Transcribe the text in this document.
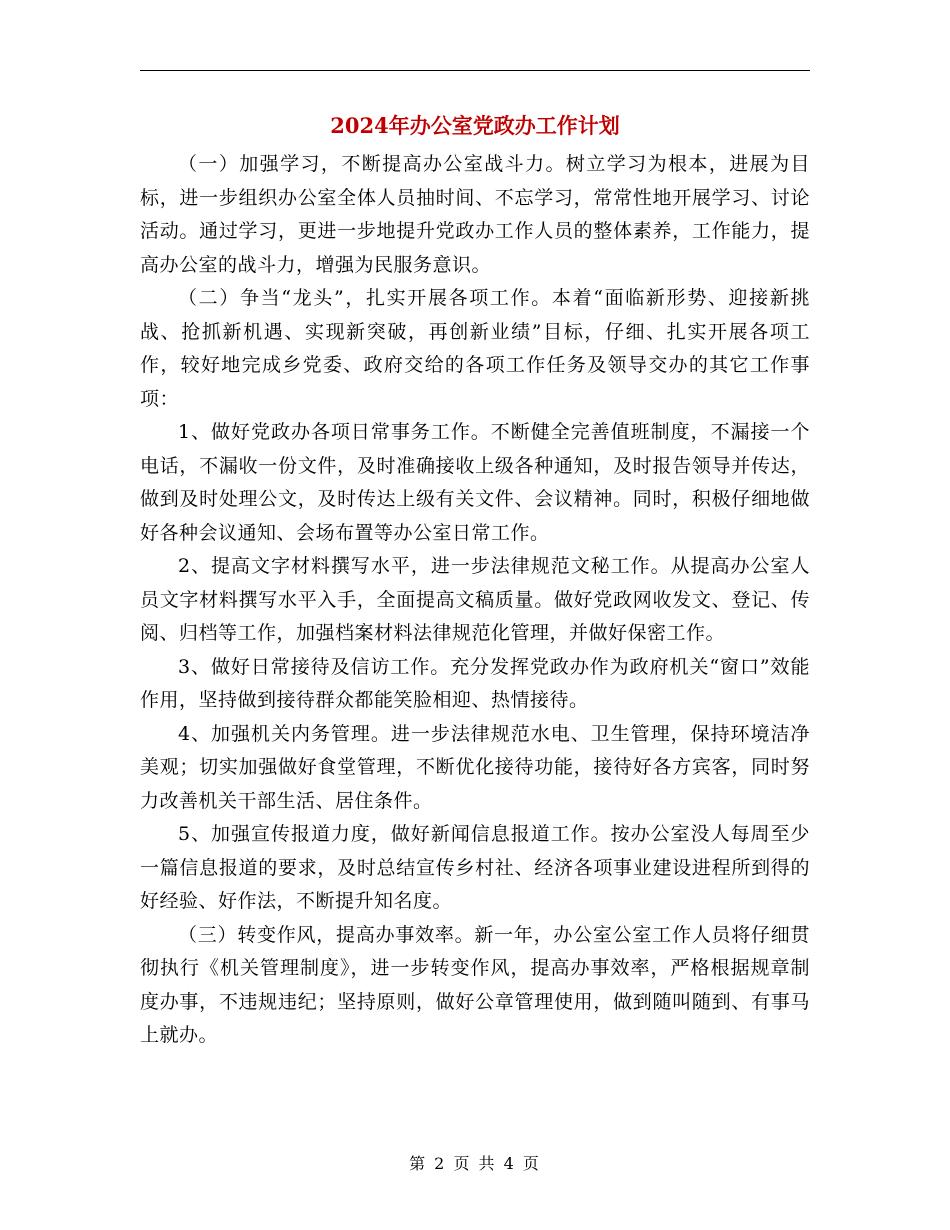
2024年办公室党政办工作计划

（一）加强学习，不断提高办公室战斗力。树立学习为根本，进展为目标，进一步组织办公室全体人员抽时间、不忘学习，常常性地开展学习、讨论活动。通过学习，更进一步地提升党政办工作人员的整体素养，工作能力，提高办公室的战斗力，增强为民服务意识。

（二）争当“龙头”，扎实开展各项工作。本着“面临新形势、迎接新挑战、抢抓新机遇、实现新突破，再创新业绩”目标，仔细、扎实开展各项工作，较好地完成乡党委、政府交给的各项工作任务及领导交办的其它工作事项：

1、做好党政办各项日常事务工作。不断健全完善值班制度，不漏接一个电话，不漏收一份文件，及时准确接收上级各种通知，及时报告领导并传达，做到及时处理公文，及时传达上级有关文件、会议精神。同时，积极仔细地做好各种会议通知、会场布置等办公室日常工作。

2、提高文字材料撰写水平，进一步法律规范文秘工作。从提高办公室人员文字材料撰写水平入手，全面提高文稿质量。做好党政网收发文、登记、传阅、归档等工作，加强档案材料法律规范化管理，并做好保密工作。

3、做好日常接待及信访工作。充分发挥党政办作为政府机关“窗口”效能作用，坚持做到接待群众都能笑脸相迎、热情接待。

4、加强机关内务管理。进一步法律规范水电、卫生管理，保持环境洁净美观；切实加强做好食堂管理，不断优化接待功能，接待好各方宾客，同时努力改善机关干部生活、居住条件。

5、加强宣传报道力度，做好新闻信息报道工作。按办公室没人每周至少一篇信息报道的要求，及时总结宣传乡村社、经济各项事业建设进程所到得的好经验、好作法，不断提升知名度。

（三）转变作风，提高办事效率。新一年，办公室公室工作人员将仔细贯彻执行《机关管理制度》，进一步转变作风，提高办事效率，严格根据规章制度办事，不违规违纪；坚持原则，做好公章管理使用，做到随叫随到、有事马上就办。

第 2 页 共 4 页
